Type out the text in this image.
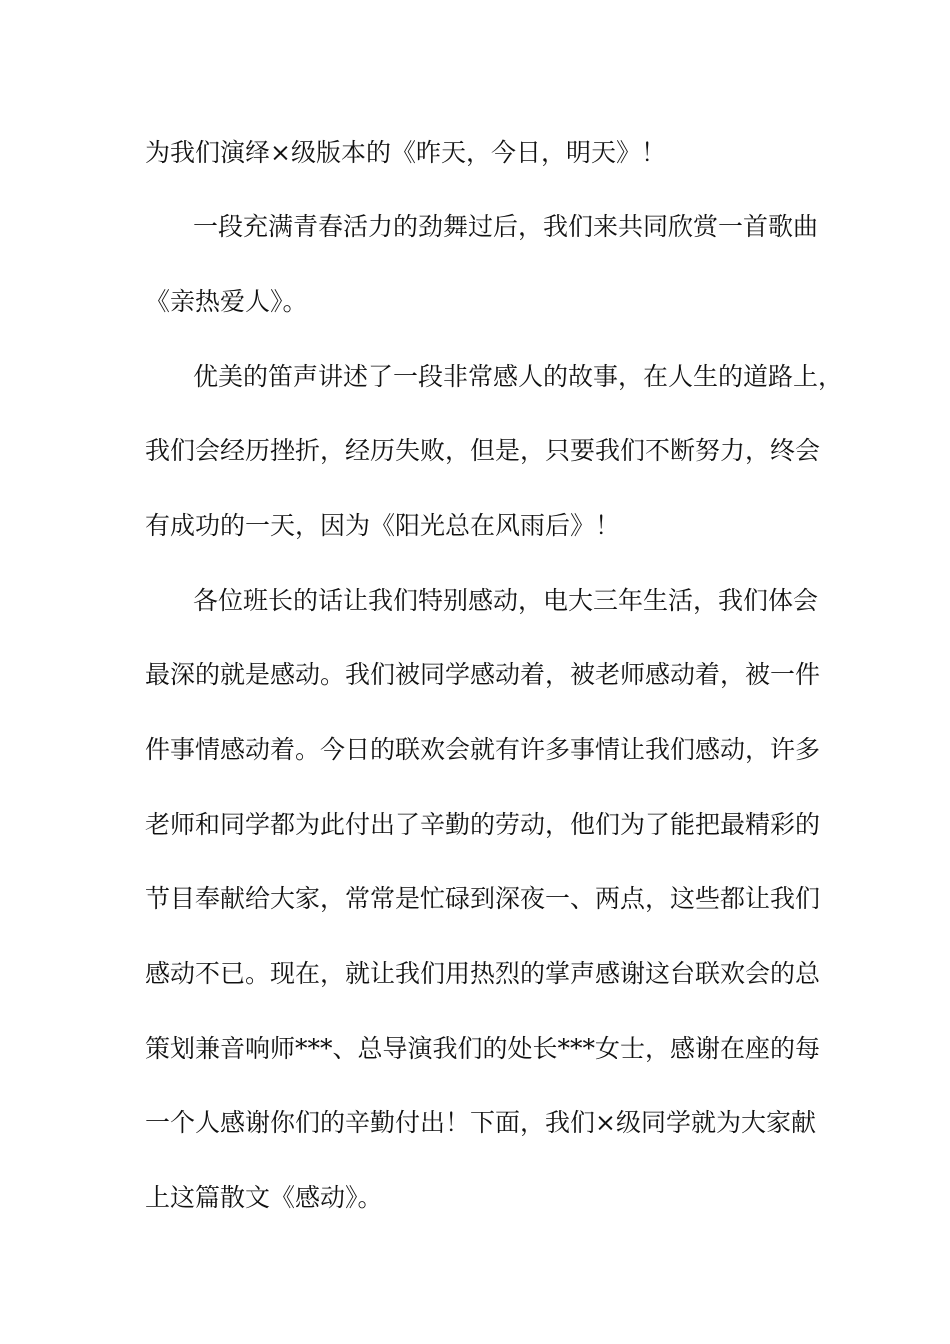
为我们演绎×级版本的《昨天，今日，明天》！
一段充满青春活力的劲舞过后，我们来共同欣赏一首歌曲
《亲热爱人》。
优美的笛声讲述了一段非常感人的故事，在人生的道路上，
我们会经历挫折，经历失败，但是，只要我们不断努力，终会
有成功的一天，因为《阳光总在风雨后》！
各位班长的话让我们特别感动，电大三年生活，我们体会
最深的就是感动。我们被同学感动着，被老师感动着，被一件
件事情感动着。今日的联欢会就有许多事情让我们感动，许多
老师和同学都为此付出了辛勤的劳动，他们为了能把最精彩的
节目奉献给大家，常常是忙碌到深夜一、两点，这些都让我们
感动不已。现在，就让我们用热烈的掌声感谢这台联欢会的总
策划兼音响师***、总导演我们的处长***女士，感谢在座的每
一个人感谢你们的辛勤付出！下面，我们×级同学就为大家献
上这篇散文《感动》。
